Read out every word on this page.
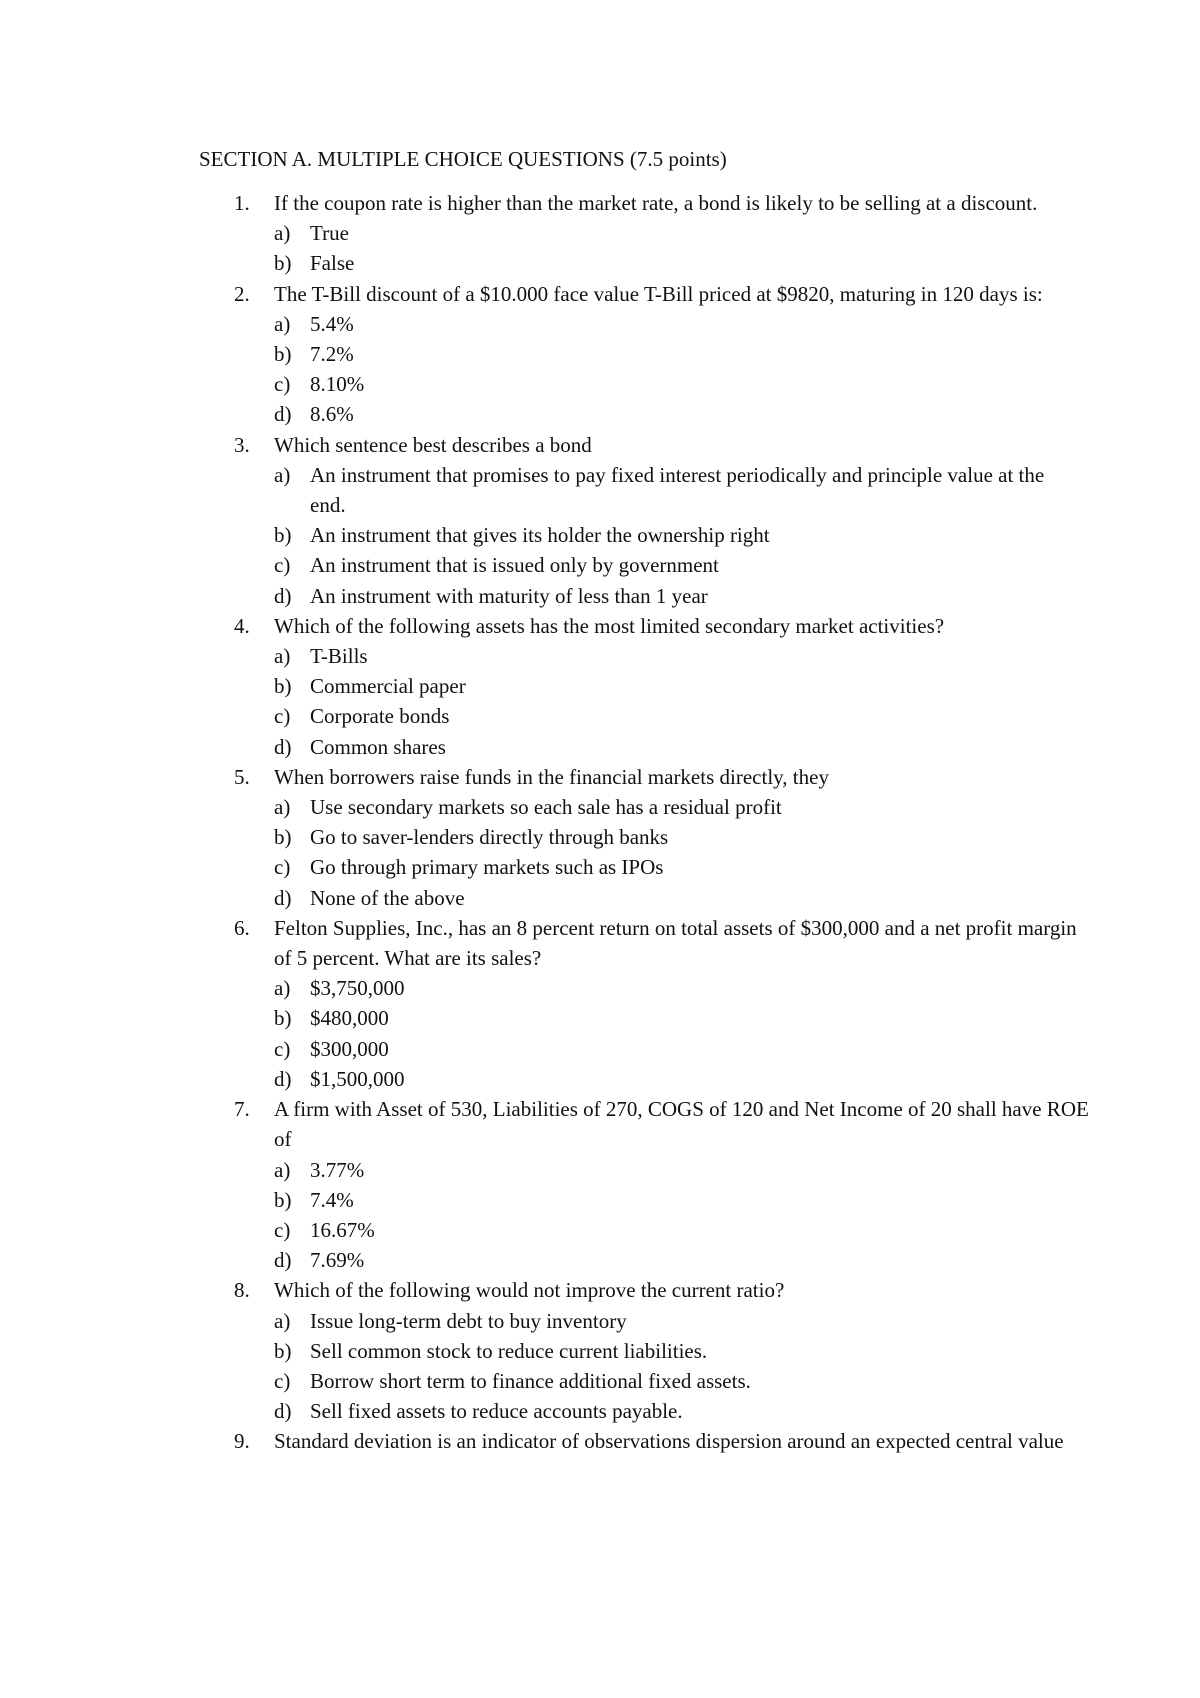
SECTION A. MULTIPLE CHOICE QUESTIONS (7.5 points)
1.	If the coupon rate is higher than the market rate, a bond is likely to be selling at a discount.
a) True
b) False
2.	The T-Bill discount of a $10.000 face value T-Bill priced at $9820, maturing in 120 days is:
a) 5.4%
b) 7.2%
c) 8.10%
d) 8.6%
3.	Which sentence best describes a bond
a) An instrument that promises to pay fixed interest periodically and principle value at the end.
b) An instrument that gives its holder the ownership right
c) An instrument that is issued only by government
d) An instrument with maturity of less than 1 year
4.	Which of the following assets has the most limited secondary market activities?
a) T-Bills
b) Commercial paper
c) Corporate bonds
d) Common shares
5.	When borrowers raise funds in the financial markets directly, they
a) Use secondary markets so each sale has a residual profit
b) Go to saver-lenders directly through banks
c) Go through primary markets such as IPOs
d) None of the above
6.	Felton Supplies, Inc., has an 8 percent return on total assets of $300,000 and a net profit margin of 5 percent. What are its sales?
a) $3,750,000
b) $480,000
c) $300,000
d) $1,500,000
7.	A firm with Asset of 530, Liabilities of 270, COGS of 120 and Net Income of 20 shall have ROE of
a) 3.77%
b) 7.4%
c) 16.67%
d) 7.69%
8.	Which of the following would not improve the current ratio?
a) Issue long-term debt to buy inventory
b) Sell common stock to reduce current liabilities.
c) Borrow short term to finance additional fixed assets.
d) Sell fixed assets to reduce accounts payable.
9.	Standard deviation is an indicator of observations dispersion around an expected central value
